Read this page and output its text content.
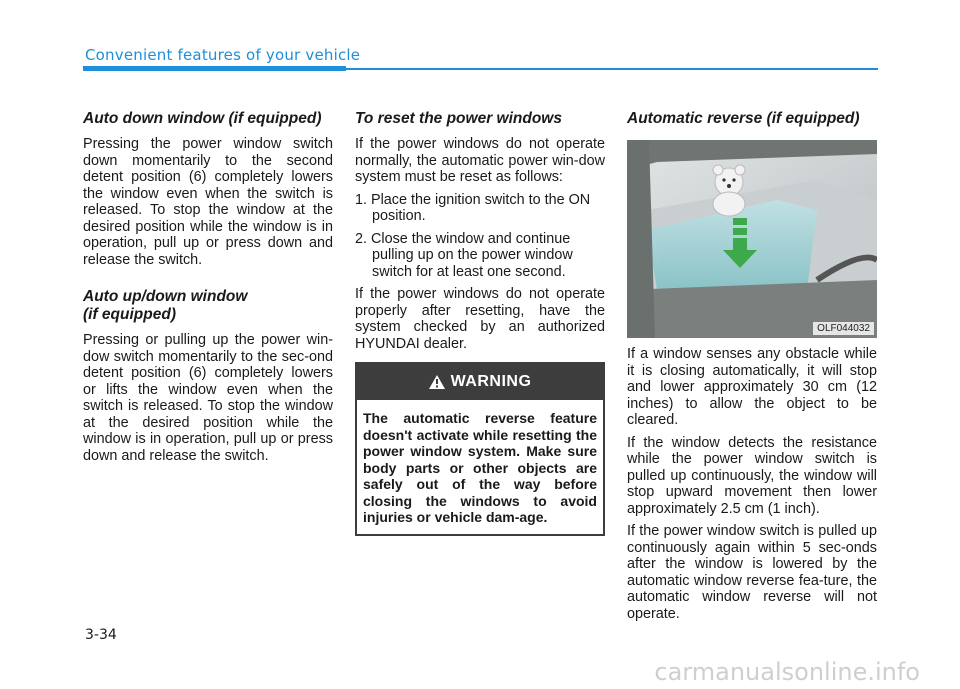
Convenient features of your vehicle
Auto down window (if equipped)

Pressing the power window switch down momentarily to the second detent position (6) completely lowers the window even when the switch is released. To stop the window at the desired position while the window is in operation, pull up or press down and release the switch.

Auto up/down window
(if equipped)

Pressing or pulling up the power win-dow switch momentarily to the sec-ond detent position (6) completely lowers or lifts the window even when the switch is released. To stop the window at the desired position while the window is in operation, pull up or press down and release the switch.

To reset the power windows

If the power windows do not operate normally, the automatic power win-dow system must be reset as follows:

1. Place the ignition switch to the ON position.
2. Close the window and continue pulling up on the power window switch for at least one second.

If the power windows do not operate properly after resetting, have the system checked by an authorized HYUNDAI dealer.

WARNING
The automatic reverse feature doesn't activate while resetting the power window system. Make sure body parts or other objects are safely out of the way before closing the windows to avoid injuries or vehicle dam-age.
Automatic reverse (if equipped)
OLF044032

If a window senses any obstacle while it is closing automatically, it will stop and lower approximately 30 cm (12 inches) to allow the object to be cleared.

If the window detects the resistance while the power window switch is pulled up continuously, the window will stop upward movement then lower approximately 2.5 cm (1 inch).

If the power window switch is pulled up continuously again within 5 sec-onds after the window is lowered by the automatic window reverse fea-ture, the automatic window reverse will not operate.

3-34
carmanualsonline.info
